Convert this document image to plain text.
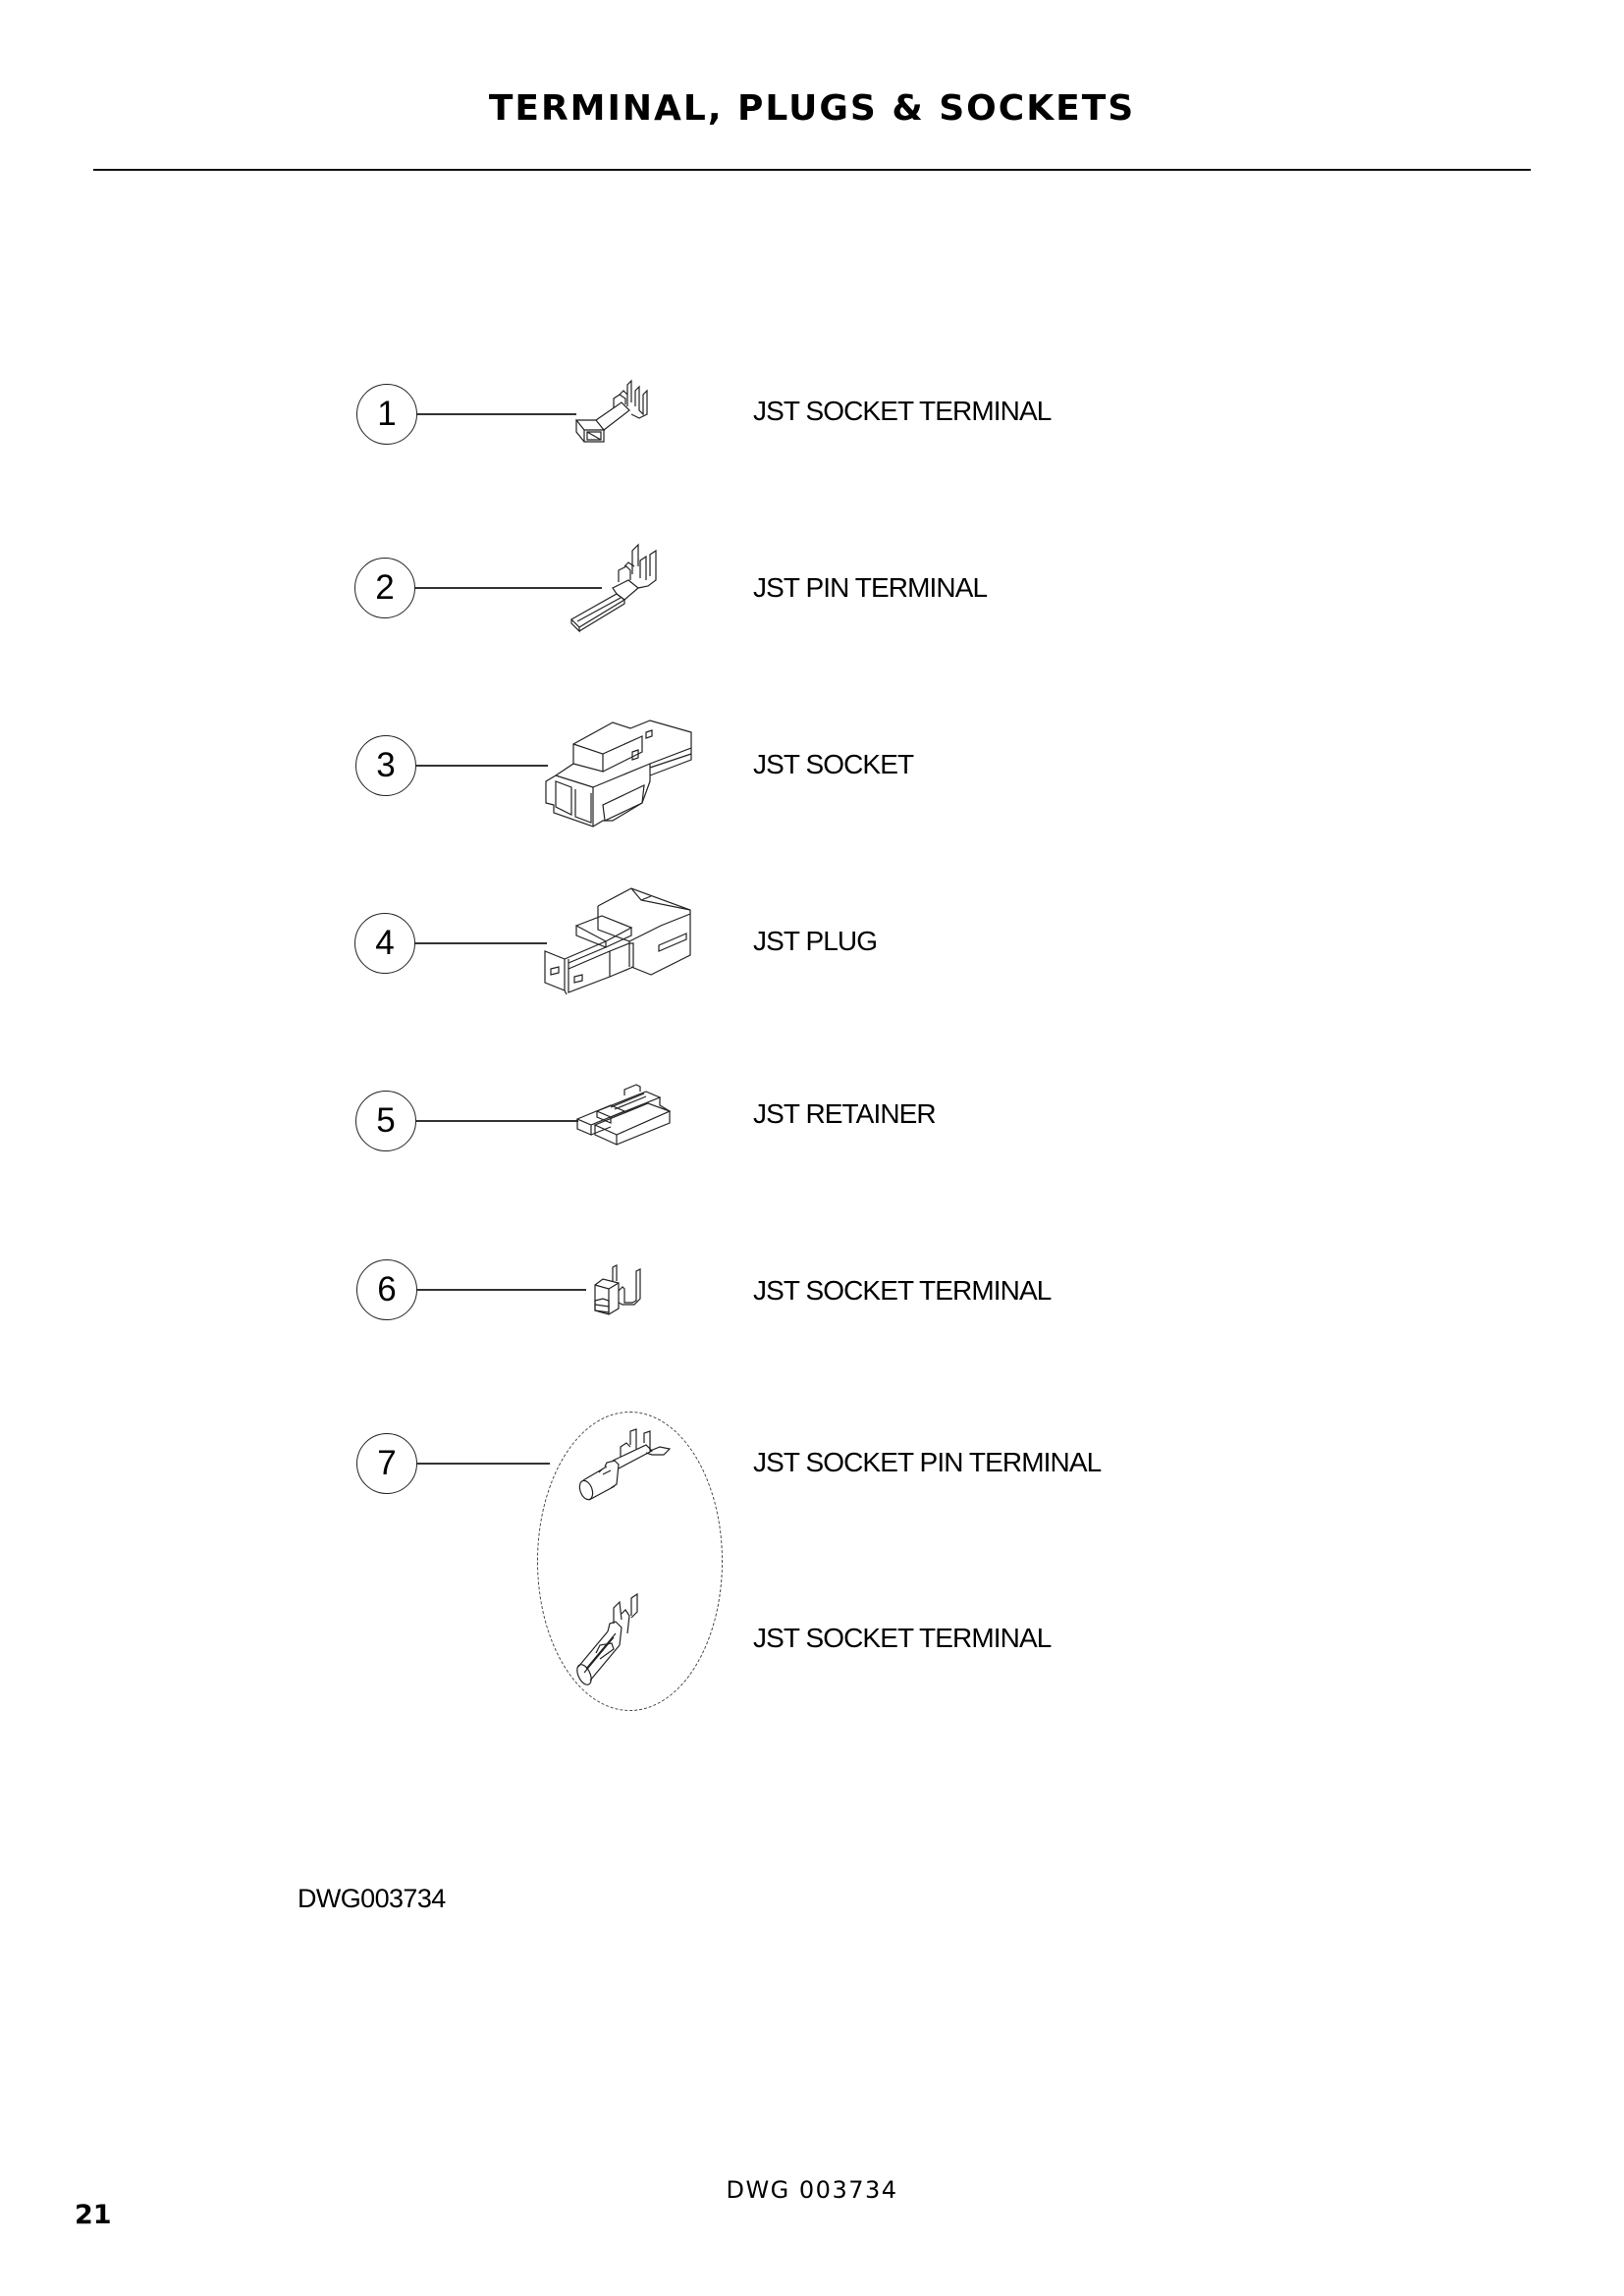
TERMINAL, PLUGS & SOCKETS
1	JST SOCKET TERMINAL
2	JST PIN TERMINAL
3	JST SOCKET
4	JST PLUG
5	JST RETAINER
6	JST SOCKET TERMINAL
7	JST SOCKET PIN TERMINAL
JST SOCKET TERMINAL
DWG003734
DWG 003734
21
